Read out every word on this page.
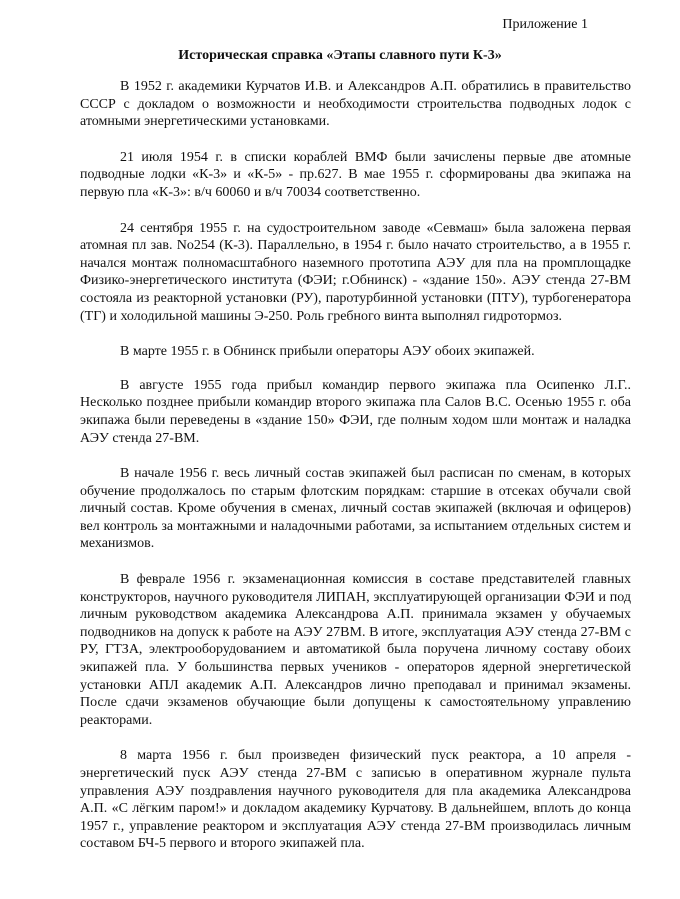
Приложение 1
Историческая справка «Этапы славного пути К-3»

В 1952 г. академики Курчатов И.В. и Александров А.П. обратились в правительство СССР с докладом о возможности и необходимости строительства подводных лодок с атомными энергетическими установками.

21 июля 1954 г. в списки кораблей ВМФ были зачислены первые две атомные подводные лодки «К-3» и «К-5» - пр.627. В мае 1955 г. сформированы два экипажа на первую пла «К-3»: в/ч 60060 и в/ч 70034 соответственно.

24 сентября 1955 г. на судостроительном заводе «Севмаш» была заложена первая атомная пл зав. No254 (К-3). Параллельно, в 1954 г. было начато строительство, а в 1955 г. начался монтаж полномасштабного наземного прототипа АЭУ для пла на промплощадке Физико-энергетического института (ФЭИ; г.Обнинск) - «здание 150». АЭУ стенда 27-ВМ состояла из реакторной установки (РУ), паротурбинной установки (ПТУ), турбогенератора (ТГ) и холодильной машины Э-250. Роль гребного винта выполнял гидротормоз.

В марте 1955 г. в Обнинск прибыли операторы АЭУ обоих экипажей.

В августе 1955 года прибыл командир первого экипажа пла Осипенко Л.Г.. Несколько позднее прибыли командир второго экипажа пла Салов В.С. Осенью 1955 г. оба экипажа были переведены в «здание 150» ФЭИ, где полным ходом шли монтаж и наладка АЭУ стенда 27-ВМ.

В начале 1956 г. весь личный состав экипажей был расписан по сменам, в которых обучение продолжалось по старым флотским порядкам: старшие в отсеках обучали свой личный состав. Кроме обучения в сменах, личный состав экипажей (включая и офицеров) вел контроль за монтажными и наладочными работами, за испытанием отдельных систем и механизмов.

В феврале 1956 г. экзаменационная комиссия в составе представителей главных конструкторов, научного руководителя ЛИПАН, эксплуатирующей организации ФЭИ и под личным руководством академика Александрова А.П. принимала экзамен у обучаемых подводников на допуск к работе на АЭУ 27ВМ. В итоге, эксплуатация АЭУ стенда 27-ВМ с РУ, ГТЗА, электрооборудованием и автоматикой была поручена личному составу обоих экипажей пла. У большинства первых учеников - операторов ядерной энергетической установки АПЛ академик А.П. Александров лично преподавал и принимал экзамены. После сдачи экзаменов обучающие были допущены к самостоятельному управлению реакторами.

8 марта 1956 г. был произведен физический пуск реактора, а 10 апреля - энергетический пуск АЭУ стенда 27-ВМ с записью в оперативном журнале пульта управления АЭУ поздравления научного руководителя для пла академика Александрова А.П. «С лёгким паром!» и докладом академику Курчатову. В дальнейшем, вплоть до конца 1957 г., управление реактором и эксплуатация АЭУ стенда 27-ВМ производилась личным составом БЧ-5 первого и второго экипажей пла.
